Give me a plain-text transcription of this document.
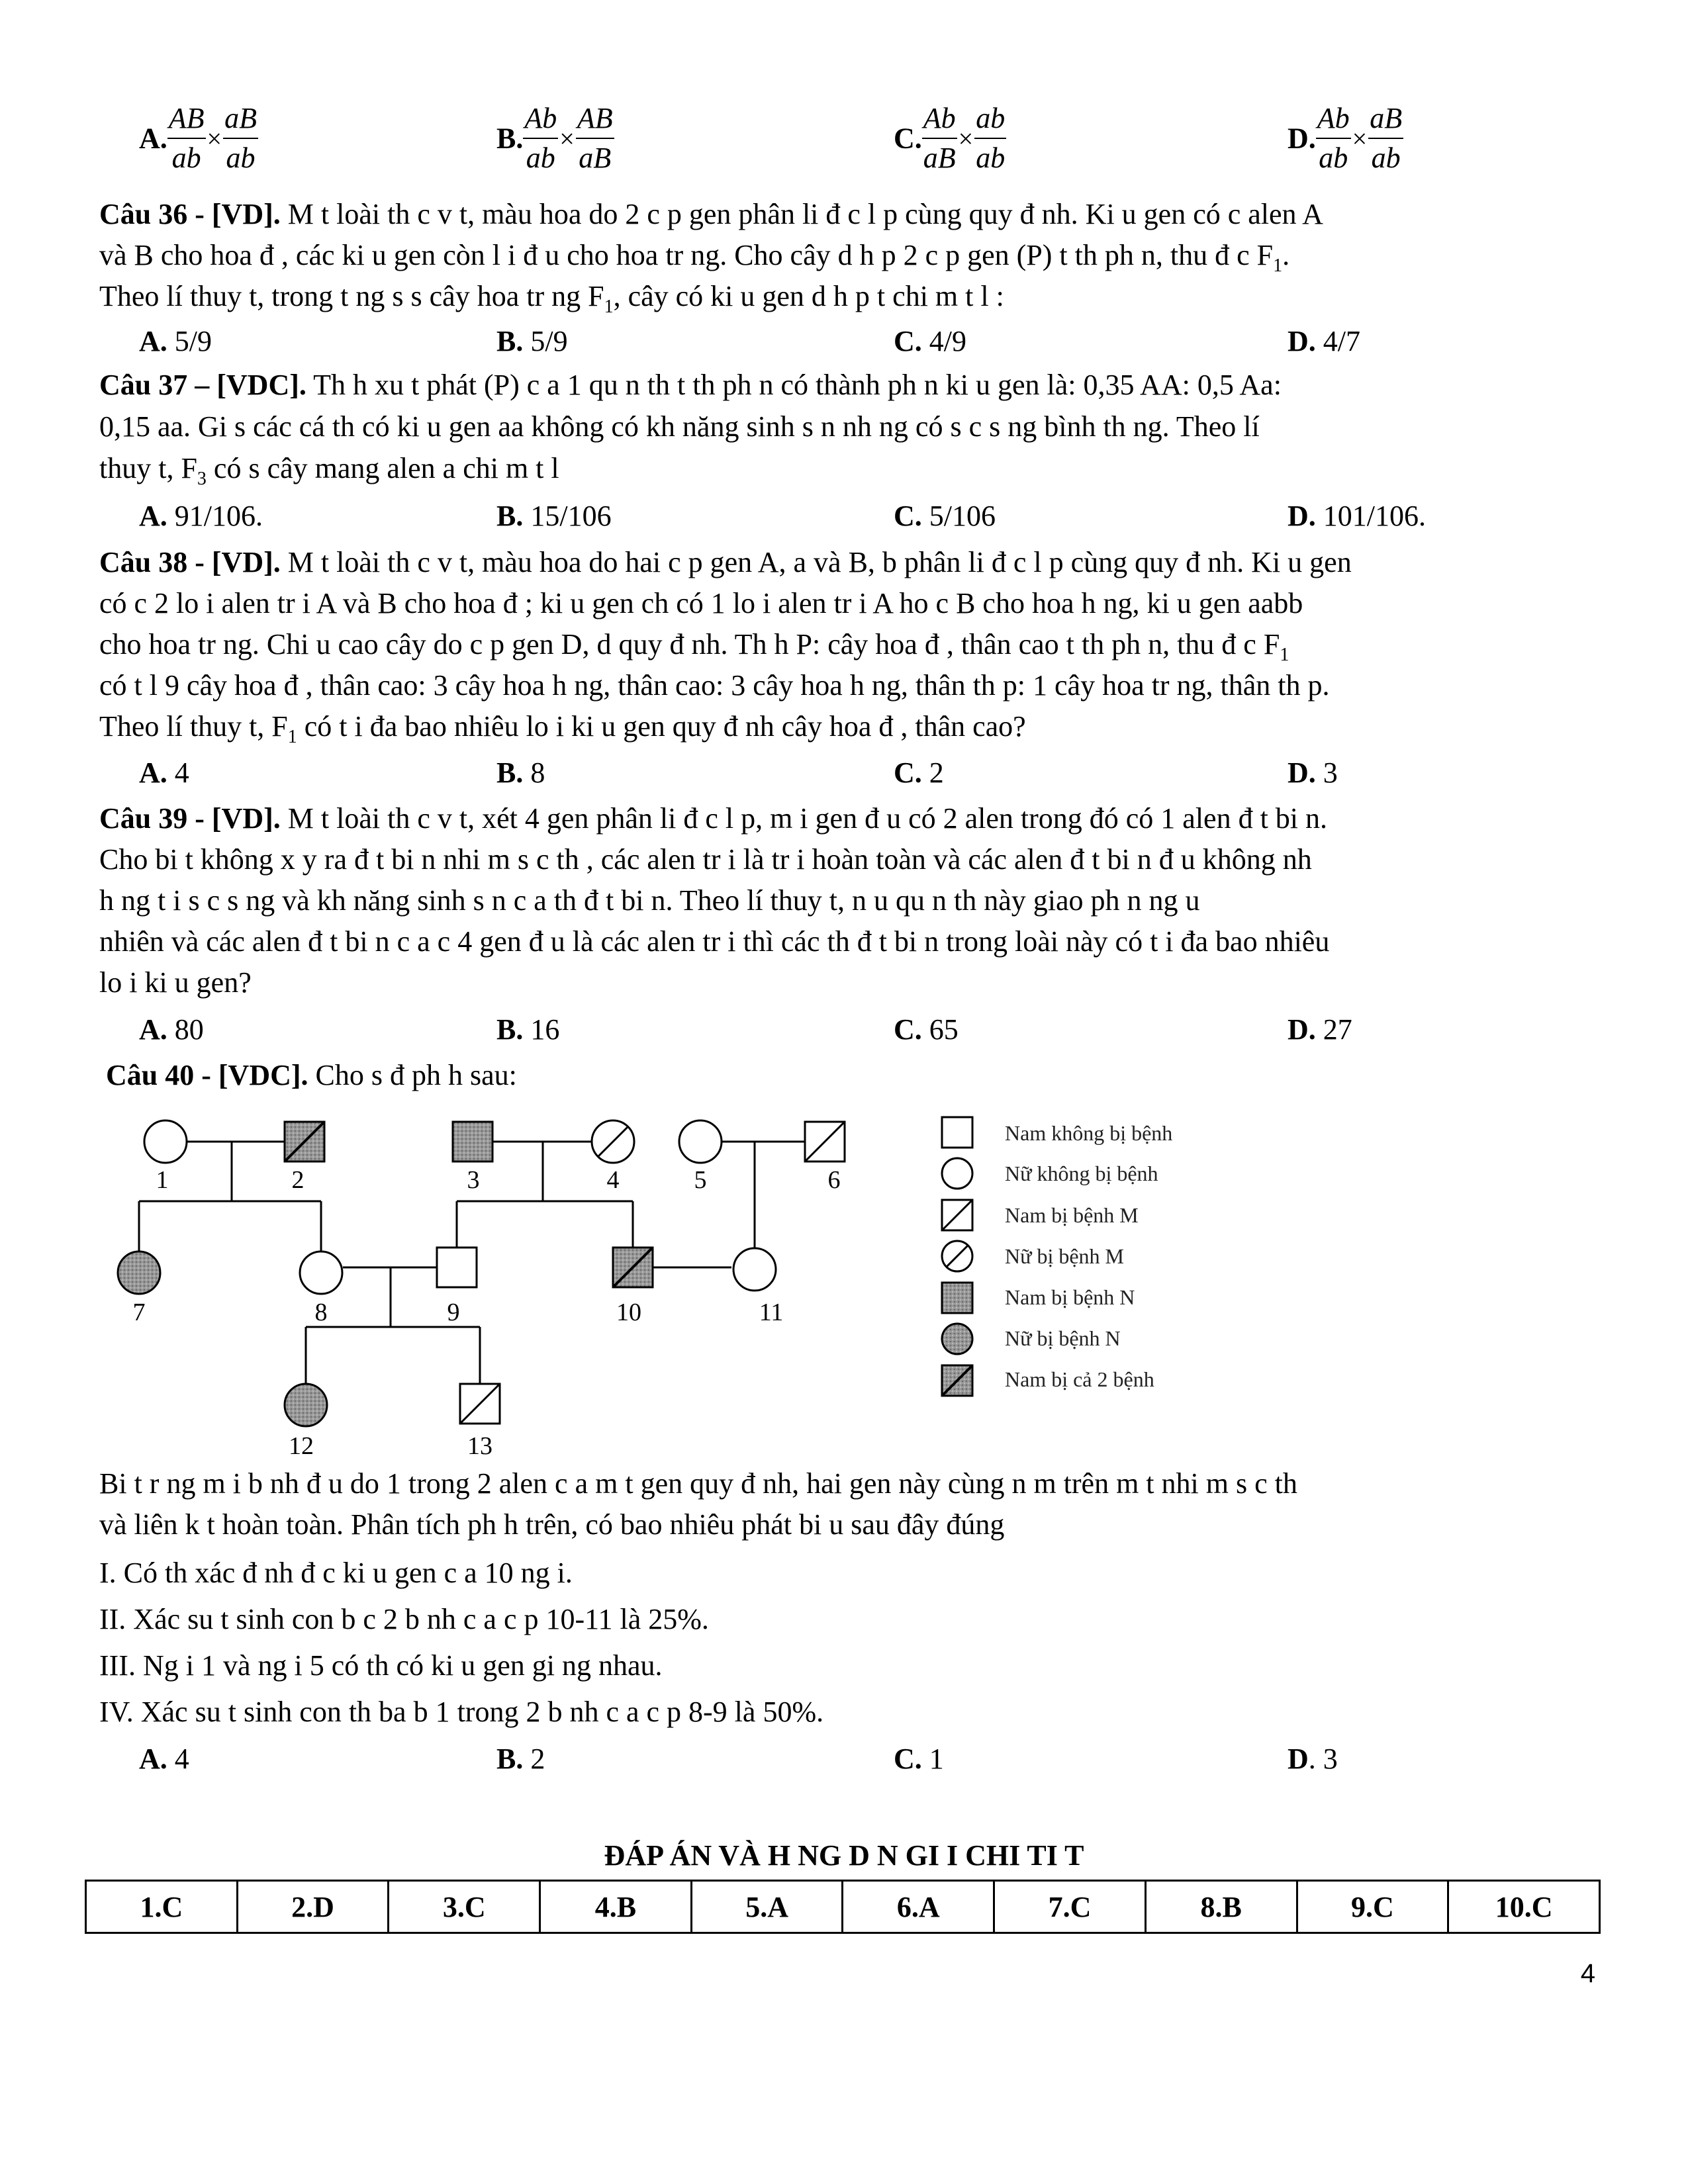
A. $\frac{AB}{ab} \times \frac{aB}{ab}$	B. $\frac{Ab}{ab} \times \frac{AB}{aB}$	C. $\frac{Ab}{aB} \times \frac{ab}{ab}$	D. $\frac{Ab}{ab} \times \frac{aB}{ab}$
Câu 36 - [VD]. M t loài th c v t, màu hoa do 2 c p gen phân li đ c l p cùng quy đ nh. Ki u gen có c alen A
và B cho hoa đ , các ki u gen còn l i đ u cho hoa tr ng. Cho cây d h p 2 c p gen (P) t th ph n, thu đ c $F_1$.
Theo lí thuy t, trong t ng s s cây hoa tr ng $F_1$, cây có ki u gen d h p t chi m t l :
A. 5/9	B. 5/9	C. 4/9	D. 4/7
Câu 37 – [VDC]. Th h xu t phát (P) c a 1 qu n th t th ph n có thành ph n ki u gen là: 0,35 AA: 0,5 Aa:
0,15 aa. Gi s các cá th có ki u gen aa không có kh năng sinh s n nh ng có s c s ng bình th ng. Theo lí
thuy t, $F_3$ có s cây mang alen a chi m t l
A. 91/106.	B. 15/106	C. 5/106	D. 101/106.
Câu 38 - [VD]. M t loài th c v t, màu hoa do hai c p gen A, a và B, b phân li đ c l p cùng quy đ nh. Ki u gen
có c 2 lo i alen tr i A và B cho hoa đ ; ki u gen ch có 1 lo i alen tr i A ho c B cho hoa h ng, ki u gen aabb
cho hoa tr ng. Chi u cao cây do c p gen D, d quy đ nh. Th h P: cây hoa đ , thân cao t th ph n, thu đ c $F_1$
có t l 9 cây hoa đ , thân cao: 3 cây hoa h ng, thân cao: 3 cây hoa h ng, thân th p: 1 cây hoa tr ng, thân th p.
Theo lí thuy t, $F_1$ có t i đa bao nhiêu lo i ki u gen quy đ nh cây hoa đ , thân cao?
A. 4	B. 8	C. 2	D. 3
Câu 39 - [VD]. M t loài th c v t, xét 4 gen phân li đ c l p, m i gen đ u có 2 alen trong đó có 1 alen đ t bi n.
Cho bi t không x y ra đ t bi n nhi m s c th , các alen tr i là tr i hoàn toàn và các alen đ t bi n đ u không nh
h ng t i s c s ng và kh năng sinh s n c a th đ t bi n. Theo lí thuy t, n u qu n th này giao ph n ng u
nhiên và các alen đ t bi n c a c 4 gen đ u là các alen tr i thì các th đ t bi n trong loài này có t i đa bao nhiêu
lo i ki u gen?
A. 80	B. 16	C. 65	D. 27
Câu 40 - [VDC]. Cho s đ ph h sau:
1	2	3	4	5	6
7	8	9	10	11
12	13
Nam không bị bệnh
Nữ không bị bệnh
Nam bị bệnh M
Nữ bị bệnh M
Nam bị bệnh N
Nữ bị bệnh N
Nam bị cả 2 bệnh
Bi t r ng m i b nh đ u do 1 trong 2 alen c a m t gen quy đ nh, hai gen này cùng n m trên m t nhi m s c th
và liên k t hoàn toàn. Phân tích ph h trên, có bao nhiêu phát bi u sau đây đúng
I. Có th xác đ nh đ c ki u gen c a 10 ng i.
II. Xác su t sinh con b c 2 b nh c a c p 10-11 là 25%.
III. Ng i 1 và ng i 5 có th có ki u gen gi ng nhau.
IV. Xác su t sinh con th ba b 1 trong 2 b nh c a c p 8-9 là 50%.
A. 4	B. 2	C. 1	D. 3
ĐÁP ÁN VÀ H NG D N GI I CHI TI T
1.C	2.D	3.C	4.B	5.A	6.A	7.C	8.B	9.C	10.C
4
